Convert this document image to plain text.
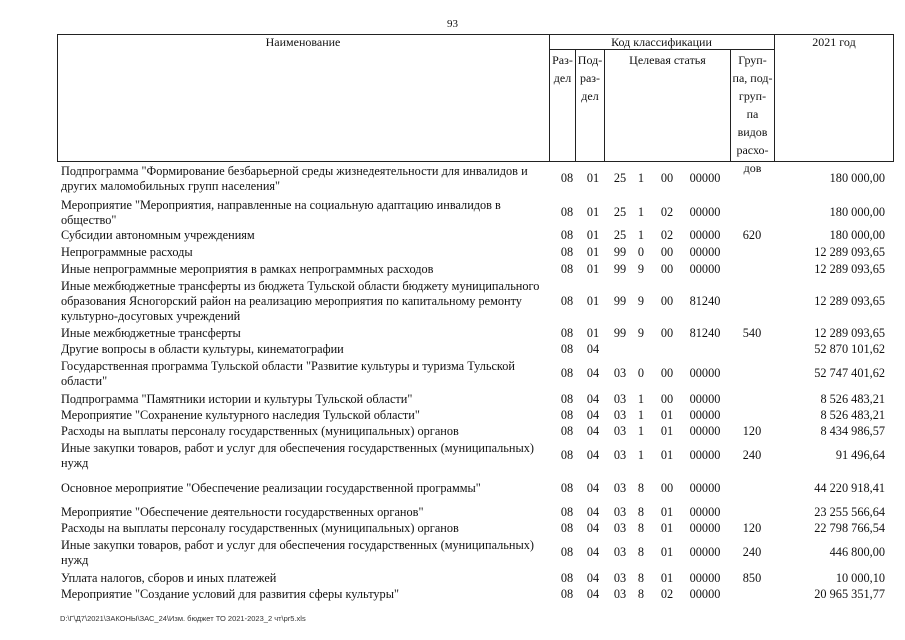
93
Наименование	Код классификации	2021 год
Раз-
дел
Под-
раз-
дел
Целевая статья	Груп-
па, под-
груп-
па
видов
расхо-
дов
Подпрограмма "Формирование безбарьерной среды жизнедеятельности для инвалидов и других маломобильных групп населения"
08	01	25 1	00	00000	180 000,00
Мероприятие "Мероприятия, направленные на социальную адаптацию инвалидов в общество"
08	01	25 1	02	00000	180 000,00
Субсидии автономным учреждениям	08	01	25 1	02	00000	620	180 000,00
Непрограммные расходы	08	01	99 0	00	00000	12 289 093,65
Иные непрограммные мероприятия в рамках непрограммных расходов	08	01	99 9	00	00000	12 289 093,65
Иные межбюджетные трансферты из бюджета Тульской области бюджету муниципального образования Ясногорский район на реализацию мероприятия по капитальному ремонту культурно-досуговых учреждений
08	01	99 9	00	81240	12 289 093,65
Иные межбюджетные трансферты	08	01	99 9	00	81240	540	12 289 093,65
Другие вопросы в области культуры, кинематографии	08	04	52 870 101,62
Государственная программа Тульской области "Развитие культуры и туризма Тульской области"
08	04	03 0	00	00000	52 747 401,62
Подпрограмма "Памятники истории и культуры Тульской области"	08	04	03 1	00	00000	8 526 483,21
Мероприятие "Сохранение культурного наследия Тульской области"	08	04	03 1	01	00000	8 526 483,21
Расходы на выплаты персоналу государственных (муниципальных) органов	08	04	03 1	01	00000	120	8 434 986,57
Иные закупки товаров, работ и услуг для обеспечения государственных (муниципальных) нужд
08	04	03 1	01	00000	240	91 496,64
Основное мероприятие "Обеспечение реализации государственной программы"	08	04	03 8	00	00000	44 220 918,41
Мероприятие "Обеспечение деятельности государственных органов"	08	04	03 8	01	00000	23 255 566,64
Расходы на выплаты персоналу государственных (муниципальных) органов	08	04	03 8	01	00000	120	22 798 766,54
Иные закупки товаров, работ и услуг для обеспечения государственных (муниципальных) нужд
08	04	03 8	01	00000	240	446 800,00
Уплата налогов, сборов и иных платежей	08	04	03 8	01	00000	850	10 000,10
Мероприятие "Создание условий для развития сферы культуры"	08	04	03 8	02	00000	20 965 351,77
D:\Г\Д7\2021\ЗАКОНЫ\ЗАС_24\Изм. бюджет ТО 2021-2023_2 чт\pr5.xls
